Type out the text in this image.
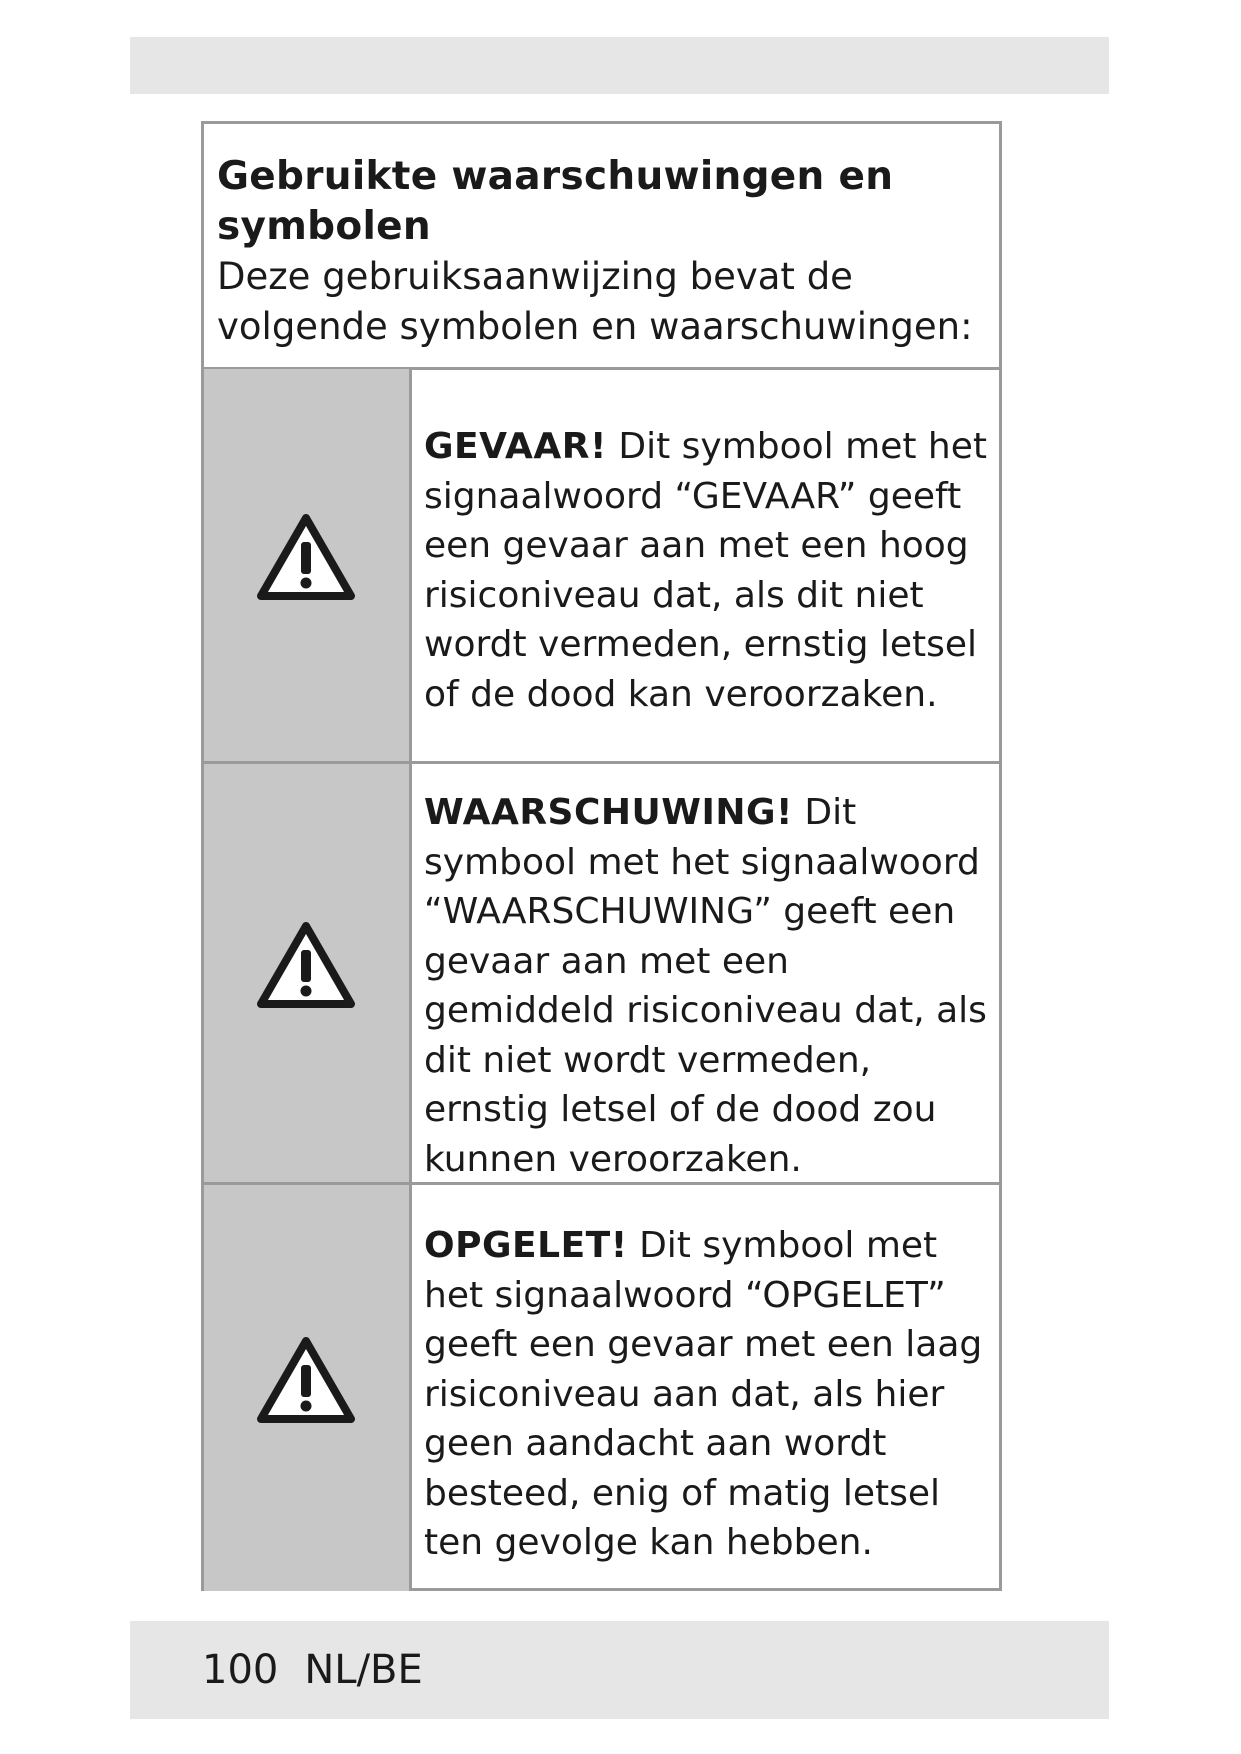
Gebruikte waarschuwingen en symbolen
Deze gebruiksaanwijzing bevat de volgende symbolen en waarschuwingen:
GEVAAR! Dit symbool met het signaalwoord “GEVAAR” geeft een gevaar aan met een hoog risiconiveau dat, als dit niet wordt vermeden, ernstig letsel of de dood kan veroorzaken.
WAARSCHUWING! Dit symbool met het signaalwoord “WAARSCHUWING” geeft een gevaar aan met een gemiddeld risiconiveau dat, als dit niet wordt vermeden, ernstig letsel of de dood zou kunnen veroorzaken.
OPGELET! Dit symbool met het signaalwoord “OPGELET” geeft een gevaar met een laag risiconiveau aan dat, als hier geen aandacht aan wordt besteed, enig of matig letsel ten gevolge kan hebben.
100 NL/BE
